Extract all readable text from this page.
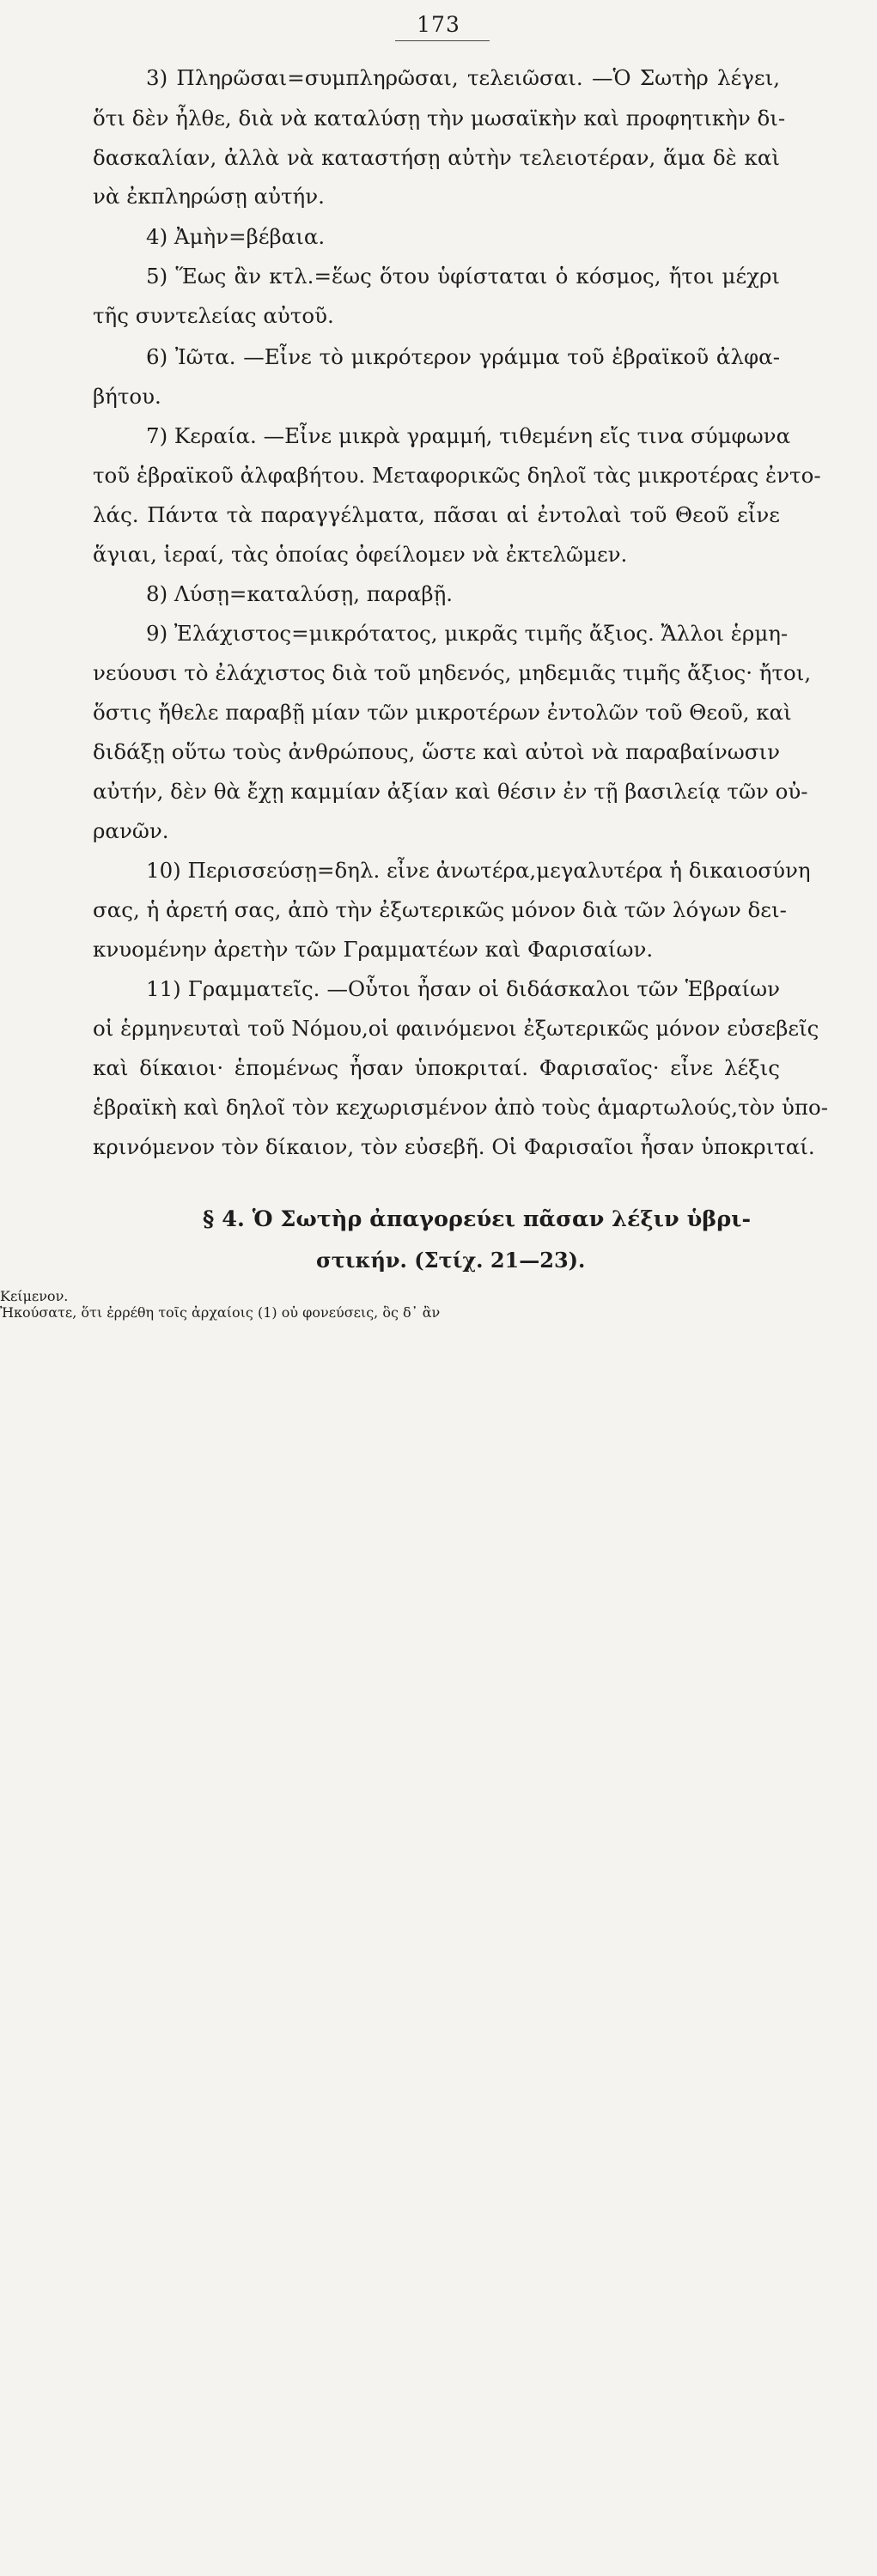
173
3) Πληρῶσαι=συμπληρῶσαι, τελειῶσαι. —Ὁ Σωτὴρ λέγει,
ὅτι δὲν ἦλθε, διὰ νὰ καταλύσῃ τὴν μωσαϊκὴν καὶ προφητικὴν δι-
δασκαλίαν, ἀλλὰ νὰ καταστήσῃ αὐτὴν τελειοτέραν, ἅμα δὲ καὶ
νὰ ἐκπληρώσῃ αὐτήν.
4) Ἀμὴν=βέβαια.
5) Ἕως ἂν κτλ.=ἕως ὅτου ὑφίσταται ὁ κόσμος, ἤτοι μέχρι
τῆς συντελείας αὐτοῦ.
6) Ἰῶτα. —Εἶνε τὸ μικρότερον γράμμα τοῦ ἑβραϊκοῦ ἀλφα-
βήτου.
7) Κεραία. —Εἶνε μικρὰ γραμμή, τιθεμένη εἴς τινα σύμφωνα
τοῦ ἑβραϊκοῦ ἀλφαβήτου. Μεταφορικῶς δηλοῖ τὰς μικροτέρας ἐντο-
λάς. Πάντα τὰ παραγγέλματα, πᾶσαι αἱ ἐντολαὶ τοῦ Θεοῦ εἶνε
ἅγιαι, ἱεραί, τὰς ὁποίας ὀφείλομεν νὰ ἐκτελῶμεν.
8) Λύσῃ=καταλύσῃ, παραβῇ.
9) Ἐλάχιστος=μικρότατος, μικρᾶς τιμῆς ἄξιος. Ἄλλοι ἑρμη-
νεύουσι τὸ ἐλάχιστος διὰ τοῦ μηδενός, μηδεμιᾶς τιμῆς ἄξιος· ἤτοι,
ὅστις ἤθελε παραβῇ μίαν τῶν μικροτέρων ἐντολῶν τοῦ Θεοῦ, καὶ
διδάξῃ οὕτω τοὺς ἀνθρώπους, ὥστε καὶ αὐτοὶ νὰ παραβαίνωσιν
αὐτήν, δὲν θὰ ἔχῃ καμμίαν ἀξίαν καὶ θέσιν ἐν τῇ βασιλείᾳ τῶν οὐ-
ρανῶν.
10) Περισσεύσῃ=δηλ. εἶνε ἀνωτέρα,μεγαλυτέρα ἡ δικαιοσύνη
σας, ἡ ἀρετή σας, ἀπὸ τὴν ἐξωτερικῶς μόνον διὰ τῶν λόγων δει-
κνυομένην ἀρετὴν τῶν Γραμματέων καὶ Φαρισαίων.
11) Γραμματεῖς. —Οὗτοι ἦσαν οἱ διδάσκαλοι τῶν Ἑβραίων
οἱ ἑρμηνευταὶ τοῦ Νόμου,οἱ φαινόμενοι ἐξωτερικῶς μόνον εὐσεβεῖς
καὶ δίκαιοι· ἑπομένως ἦσαν ὑποκριταί. Φαρισαῖος· εἶνε λέξις
ἑβραϊκὴ καὶ δηλοῖ τὸν κεχωρισμένον ἀπὸ τοὺς ἁμαρτωλούς,τὸν ὑπο-
κρινόμενον τὸν δίκαιον, τὸν εὐσεβῆ. Οἱ Φαρισαῖοι ἦσαν ὑποκριταί.
§ 4. Ὁ Σωτὴρ ἀπαγορεύει πᾶσαν λέξιν ὑβρι-
στικήν. (Στίχ. 21—23).
Κείμενον.
Ἠκούσατε, ὅτι ἐρρέθη τοῖς ἀρχαίοις (1) οὐ φονεύσεις, ὃς δ᾽ ἂν
